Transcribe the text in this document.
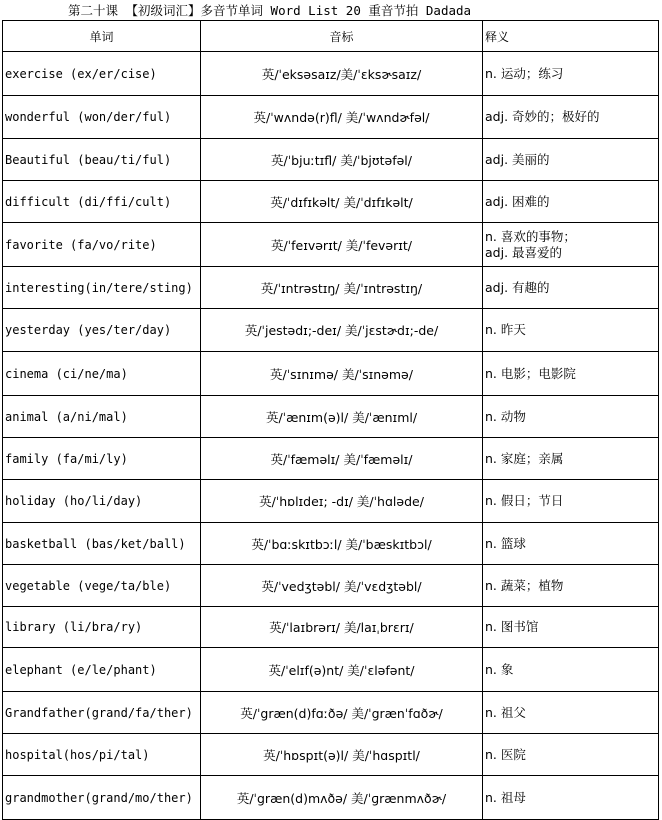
第二十课 【初级词汇】多音节单词 Word List 20 重音节拍 Dadada
单词	音标	释义
exercise (ex/er/cise)	英/ˈeksəsaɪz/美/ˈɛksɚsaɪz/	n. 运动；练习

wonderful (won/der/ful)	英/ˈwʌndə(r)fl/ 美/ˈwʌndɚfəl/	adj. 奇妙的；极好的

Beautiful (beau/ti/ful)	英/ˈbjuːtɪfl/ 美/ˈbjʊtəfəl/	adj. 美丽的

difficult (di/ffi/cult)	英/ˈdɪfɪkəlt/ 美/ˈdɪfɪkəlt/	adj. 困难的

favorite (fa/vo/rite)	英/ˈfeɪvərɪt/ 美/ˈfevərɪt/	n. 喜欢的事物；
adj. 最喜爱的

interesting(in/tere/sting)	英/ˈɪntrəstɪŋ/ 美/ˈɪntrəstɪŋ/	adj. 有趣的

yesterday (yes/ter/day)	英/ˈjestədɪ;-deɪ/ 美/ˈjɛstɚdɪ;-de/	n. 昨天

cinema (ci/ne/ma)	英/ˈsɪnɪmə/ 美/ˈsɪnəmə/	n. 电影；电影院

animal (a/ni/mal)	英/ˈænɪm(ə)l/ 美/ˈænɪml/	n. 动物

family (fa/mi/ly)	英/ˈfæməlɪ/ 美/ˈfæməlɪ/	n. 家庭；亲属

holiday (ho/li/day)	英/ˈhɒlɪdeɪ; -dɪ/ 美/ˈhɑləde/	n. 假日；节日

basketball (bas/ket/ball)	英/ˈbɑːskɪtbɔːl/ 美/ˈbæskɪtbɔl/	n. 篮球

vegetable (vege/ta/ble)	英/ˈvedʒtəbl/ 美/ˈvɛdʒtəbl/	n. 蔬菜；植物

library (li/bra/ry)	英/ˈlaɪbrərɪ/ 美/laɪˌbrɛrɪ/	n. 图书馆

elephant (e/le/phant)	英/ˈelɪf(ə)nt/ 美/ˈɛləfənt/	n. 象

Grandfather(grand/fa/ther)	英/ˈgræn(d)fɑːðə/ 美/ˈgrænˈfɑðɚ/	n. 祖父

hospital(hos/pi/tal)	英/ˈhɒspɪt(ə)l/ 美/ˈhɑspɪtl/	n. 医院

grandmother(grand/mo/ther)	英/ˈgræn(d)mʌðə/ 美/ˈɡrænmʌðɚ/	n. 祖母
